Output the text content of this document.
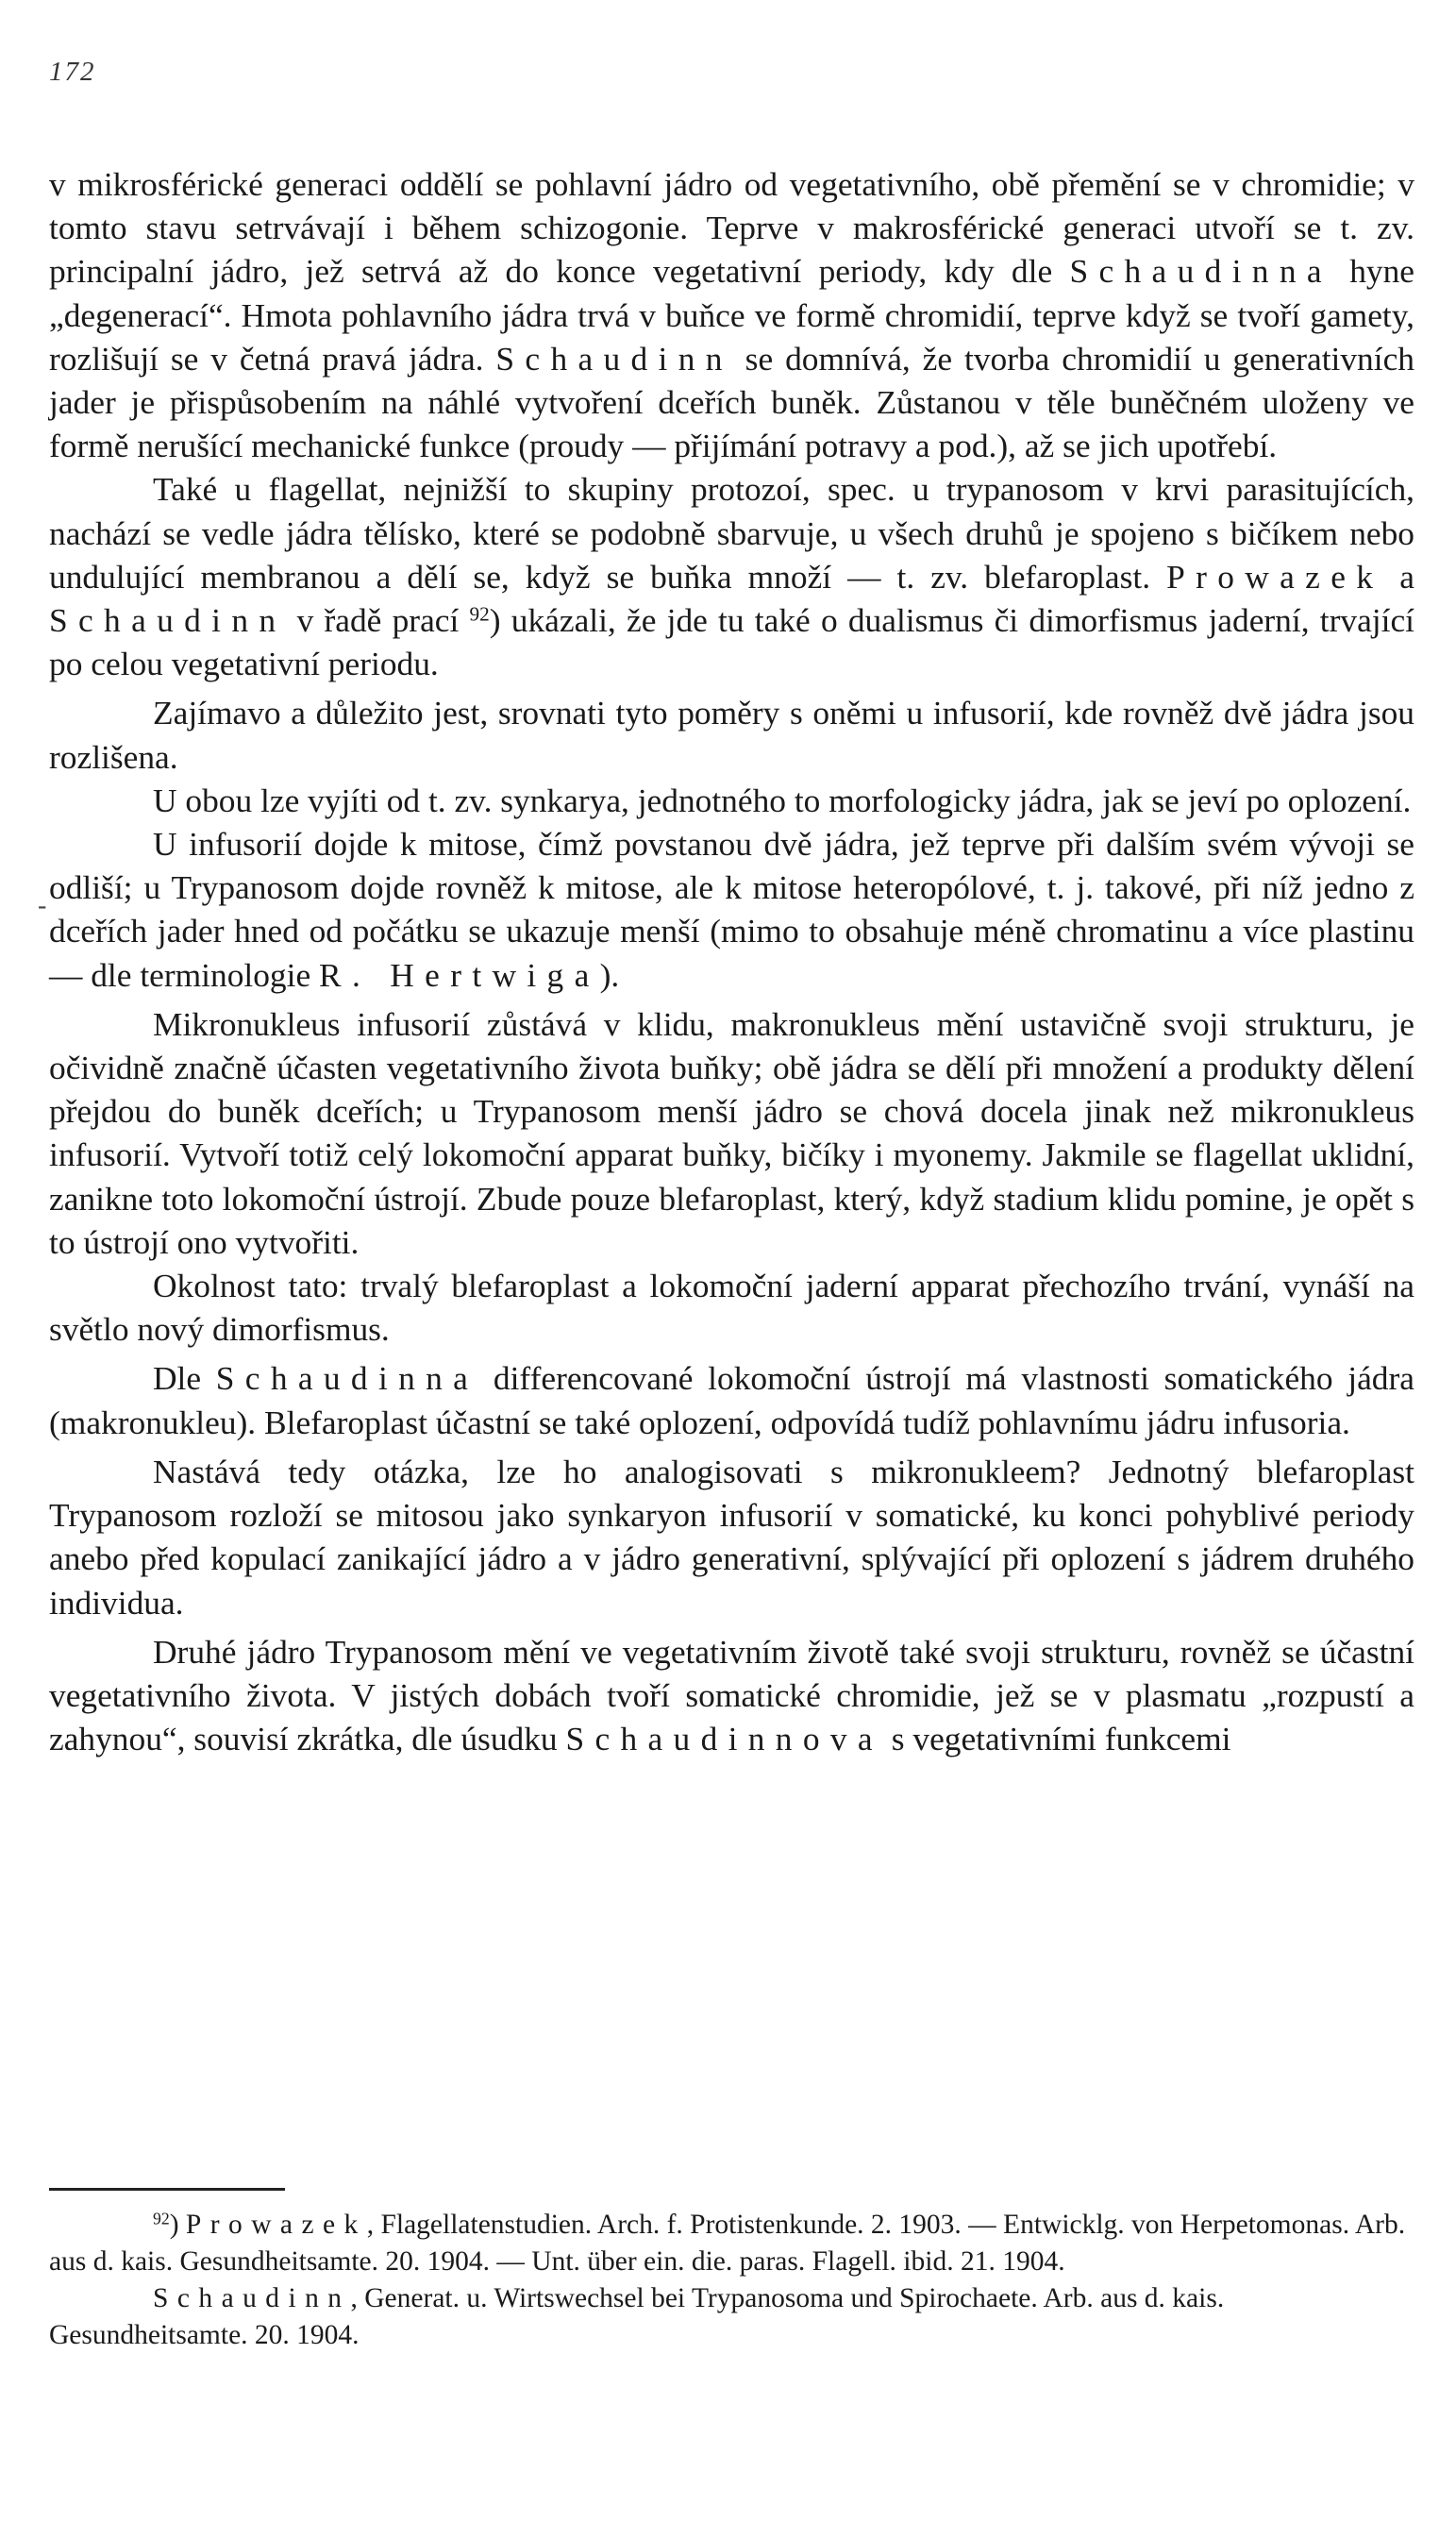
172
-

v mikrosférické generaci oddělí se pohlavní jádro od vegetativního, obě přemění se v chromidie; v tomto stavu setrvávají i během schizogonie. Teprve v makrosférické generaci utvoří se t. zv. principalní jádro, jež setrvá až do konce vegetativní periody, kdy dle Schaudinna hyne „degenerací“. Hmota pohlavního jádra trvá v buňce ve formě chromidií, teprve když se tvoří gamety, rozlišují se v četná pravá jádra. Schaudinn se domnívá, že tvorba chromidií u generativních jader je přispůsobením na náhlé vytvoření dceřích buněk. Zůstanou v těle buněčném uloženy ve formě nerušící mechanické funkce (proudy — přijímání potravy a pod.), až se jich upotřebí.

Také u flagellat, nejnižší to skupiny protozoí, spec. u trypanosom v krvi parasitujících, nachází se vedle jádra tělísko, které se podobně sbarvuje, u všech druhů je spojeno s bičíkem nebo undulující membranou a dělí se, když se buňka množí — t. zv. blefaroplast. Prowazek a Schaudinn v řadě prací $^{92}$) ukázali, že jde tu také o dualismus či dimorfismus jaderní, trvající po celou vegetativní periodu.

Zajímavo a důležito jest, srovnati tyto poměry s oněmi u infusorií, kde rovněž dvě jádra jsou rozlišena.

U obou lze vyjíti od t. zv. synkarya, jednotného to morfologicky jádra, jak se jeví po oplození.

U infusorií dojde k mitose, čímž povstanou dvě jádra, jež teprve při dalším svém vývoji se odliší; u Trypanosom dojde rovněž k mitose, ale k mitose heteropólové, t. j. takové, při níž jedno z dceřích jader hned od počátku se ukazuje menší (mimo to obsahuje méně chromatinu a více plastinu — dle terminologie R. Hertwiga).

Mikronukleus infusorií zůstává v klidu, makronukleus mění ustavičně svoji strukturu, je očividně značně účasten vegetativního života buňky; obě jádra se dělí při množení a produkty dělení přejdou do buněk dceřích; u Trypanosom menší jádro se chová docela jinak než mikronukleus infusorií. Vytvoří totiž celý lokomoční apparat buňky, bičíky i myonemy. Jakmile se flagellat uklidní, zanikne toto lokomoční ústrojí. Zbude pouze blefaroplast, který, když stadium klidu pomine, je opět s to ústrojí ono vytvořiti.

Okolnost tato: trvalý blefaroplast a lokomoční jaderní apparat přechozího trvání, vynáší na světlo nový dimorfismus.

Dle Schaudinna differencované lokomoční ústrojí má vlastnosti somatického jádra (makronukleu). Blefaroplast účastní se také oplození, odpovídá tudíž pohlavnímu jádru infusoria.

Nastává tedy otázka, lze ho analogisovati s mikronukleem? Jednotný blefaroplast Trypanosom rozloží se mitosou jako synkaryon infusorií v somatické, ku konci pohyblivé periody anebo před kopulací zanikající jádro a v jádro generativní, splývající při oplození s jádrem druhého individua.

Druhé jádro Trypanosom mění ve vegetativním životě také svoji strukturu, rovněž se účastní vegetativního života. V jistých dobách tvoří somatické chromidie, jež se v plasmatu „rozpustí a zahynou“, souvisí zkrátka, dle úsudku Schaudinnova s vegetativními funkcemi

$^{92}$) Prowazek, Flagellatenstudien. Arch. f. Protistenkunde. 2. 1903. — Entwicklg. von Herpetomonas. Arb. aus d. kais. Gesundheitsamte. 20. 1904. — Unt. über ein. die. paras. Flagell. ibid. 21. 1904.

Schaudinn, Generat. u. Wirtswechsel bei Trypanosoma und Spirochaete. Arb. aus d. kais. Gesundheitsamte. 20. 1904.
